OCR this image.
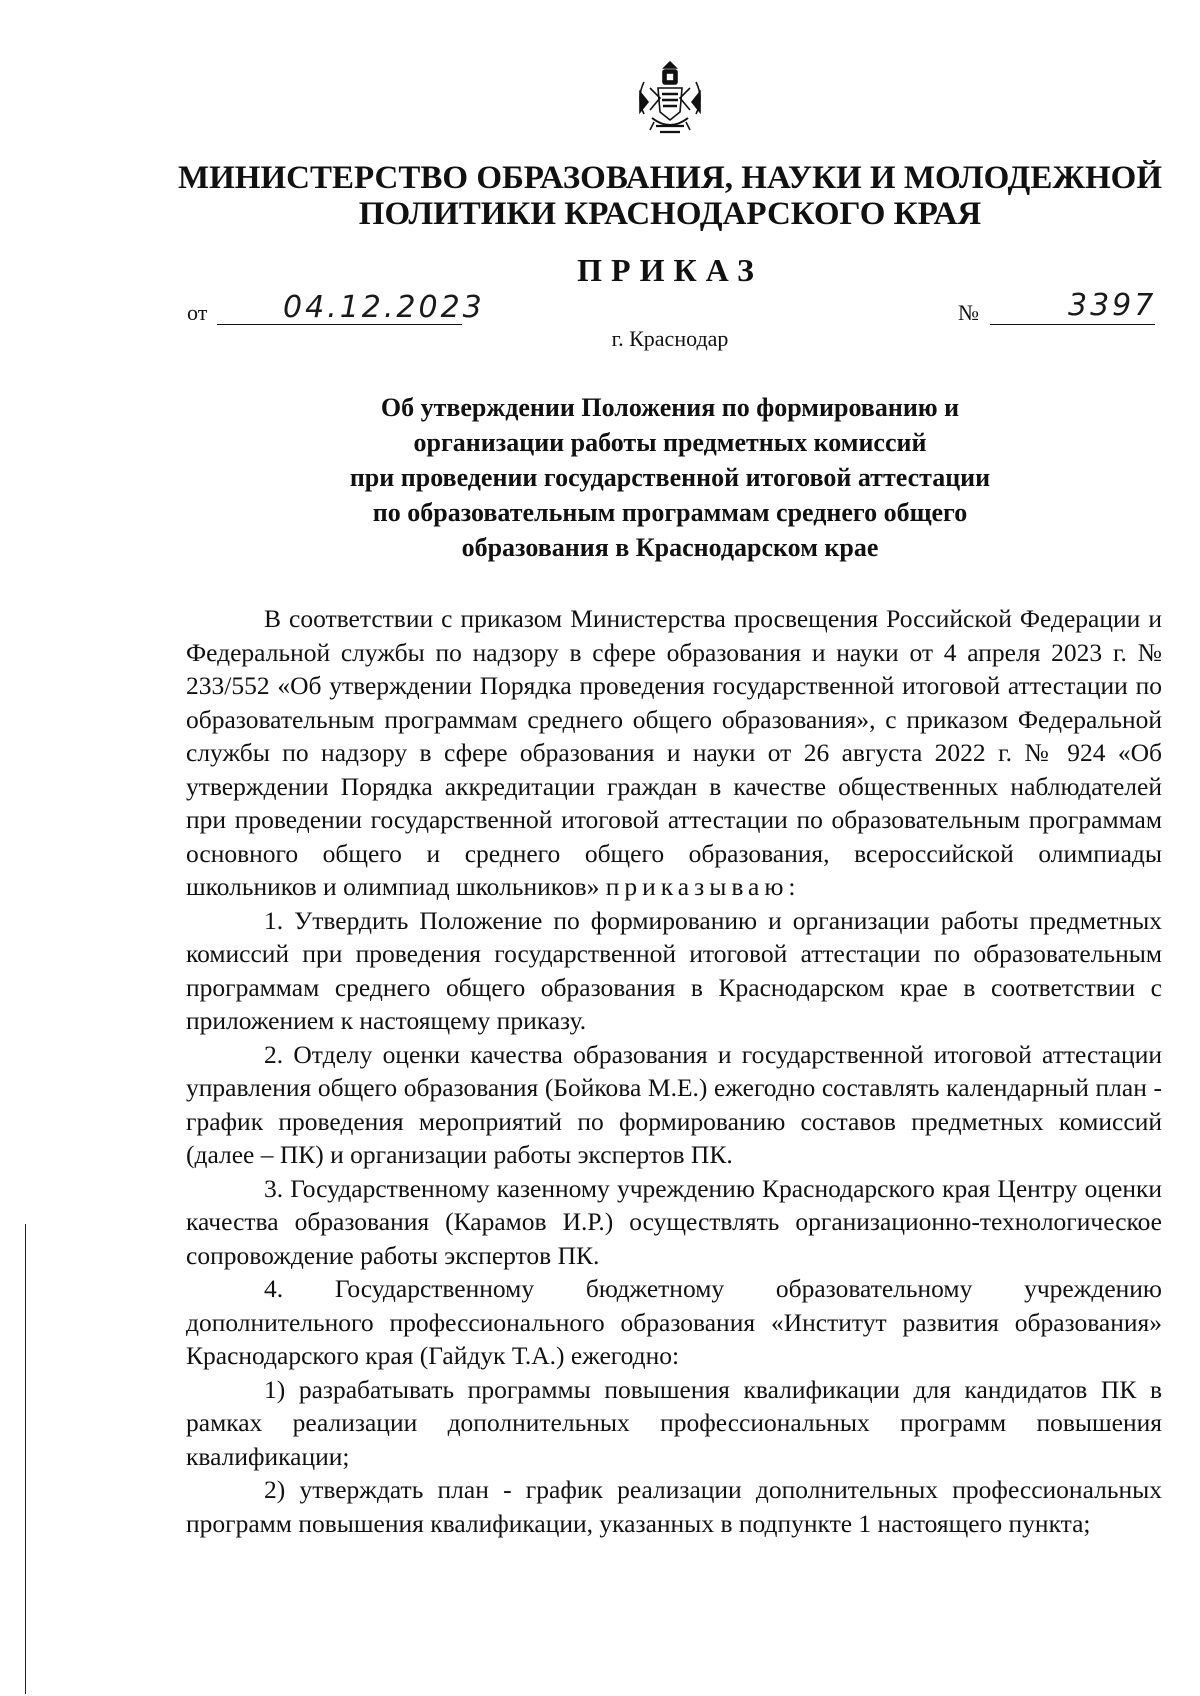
МИНИСТЕРСТВО ОБРАЗОВАНИЯ, НАУКИ И МОЛОДЕЖНОЙ
ПОЛИТИКИ КРАСНОДАРСКОГО КРАЯ
ПРИКАЗ
от	04.12.2023	№	3397
г. Краснодар
Об утверждении Положения по формированию и
организации работы предметных комиссий
при проведении государственной итоговой аттестации
по образовательным программам среднего общего
образования в Краснодарском крае

В соответствии с приказом Министерства просвещения Российской Федерации и Федеральной службы по надзору в сфере образования и науки от 4 апреля 2023 г. № 233/552 «Об утверждении Порядка проведения государственной итоговой аттестации по образовательным программам среднего общего образования», с приказом Федеральной службы по надзору в сфере образования и науки от 26 августа 2022 г. № 924 «Об утверждении Порядка аккредитации граждан в качестве общественных наблюдателей при проведении государственной итоговой аттестации по образовательным программам основного общего и среднего общего образования, всероссийской олимпиады школьников и олимпиад школьников» приказываю:

1. Утвердить Положение по формированию и организации работы предметных комиссий при проведения государственной итоговой аттестации по образовательным программам среднего общего образования в Краснодарском крае в соответствии с приложением к настоящему приказу.

2. Отделу оценки качества образования и государственной итоговой аттестации управления общего образования (Бойкова М.Е.) ежегодно составлять календарный план - график проведения мероприятий по формированию составов предметных комиссий (далее – ПК) и организации работы экспертов ПК.

3. Государственному казенному учреждению Краснодарского края Центру оценки качества образования (Карамов И.Р.) осуществлять организационно-технологическое сопровождение работы экспертов ПК.

4. Государственному бюджетному образовательному учреждению дополнительного профессионального образования «Институт развития образования» Краснодарского края (Гайдук Т.А.) ежегодно:

1) разрабатывать программы повышения квалификации для кандидатов ПК в рамках реализации дополнительных профессиональных программ повышения квалификации;

2) утверждать план - график реализации дополнительных профессиональных программ повышения квалификации, указанных в подпункте 1 настоящего пункта;
